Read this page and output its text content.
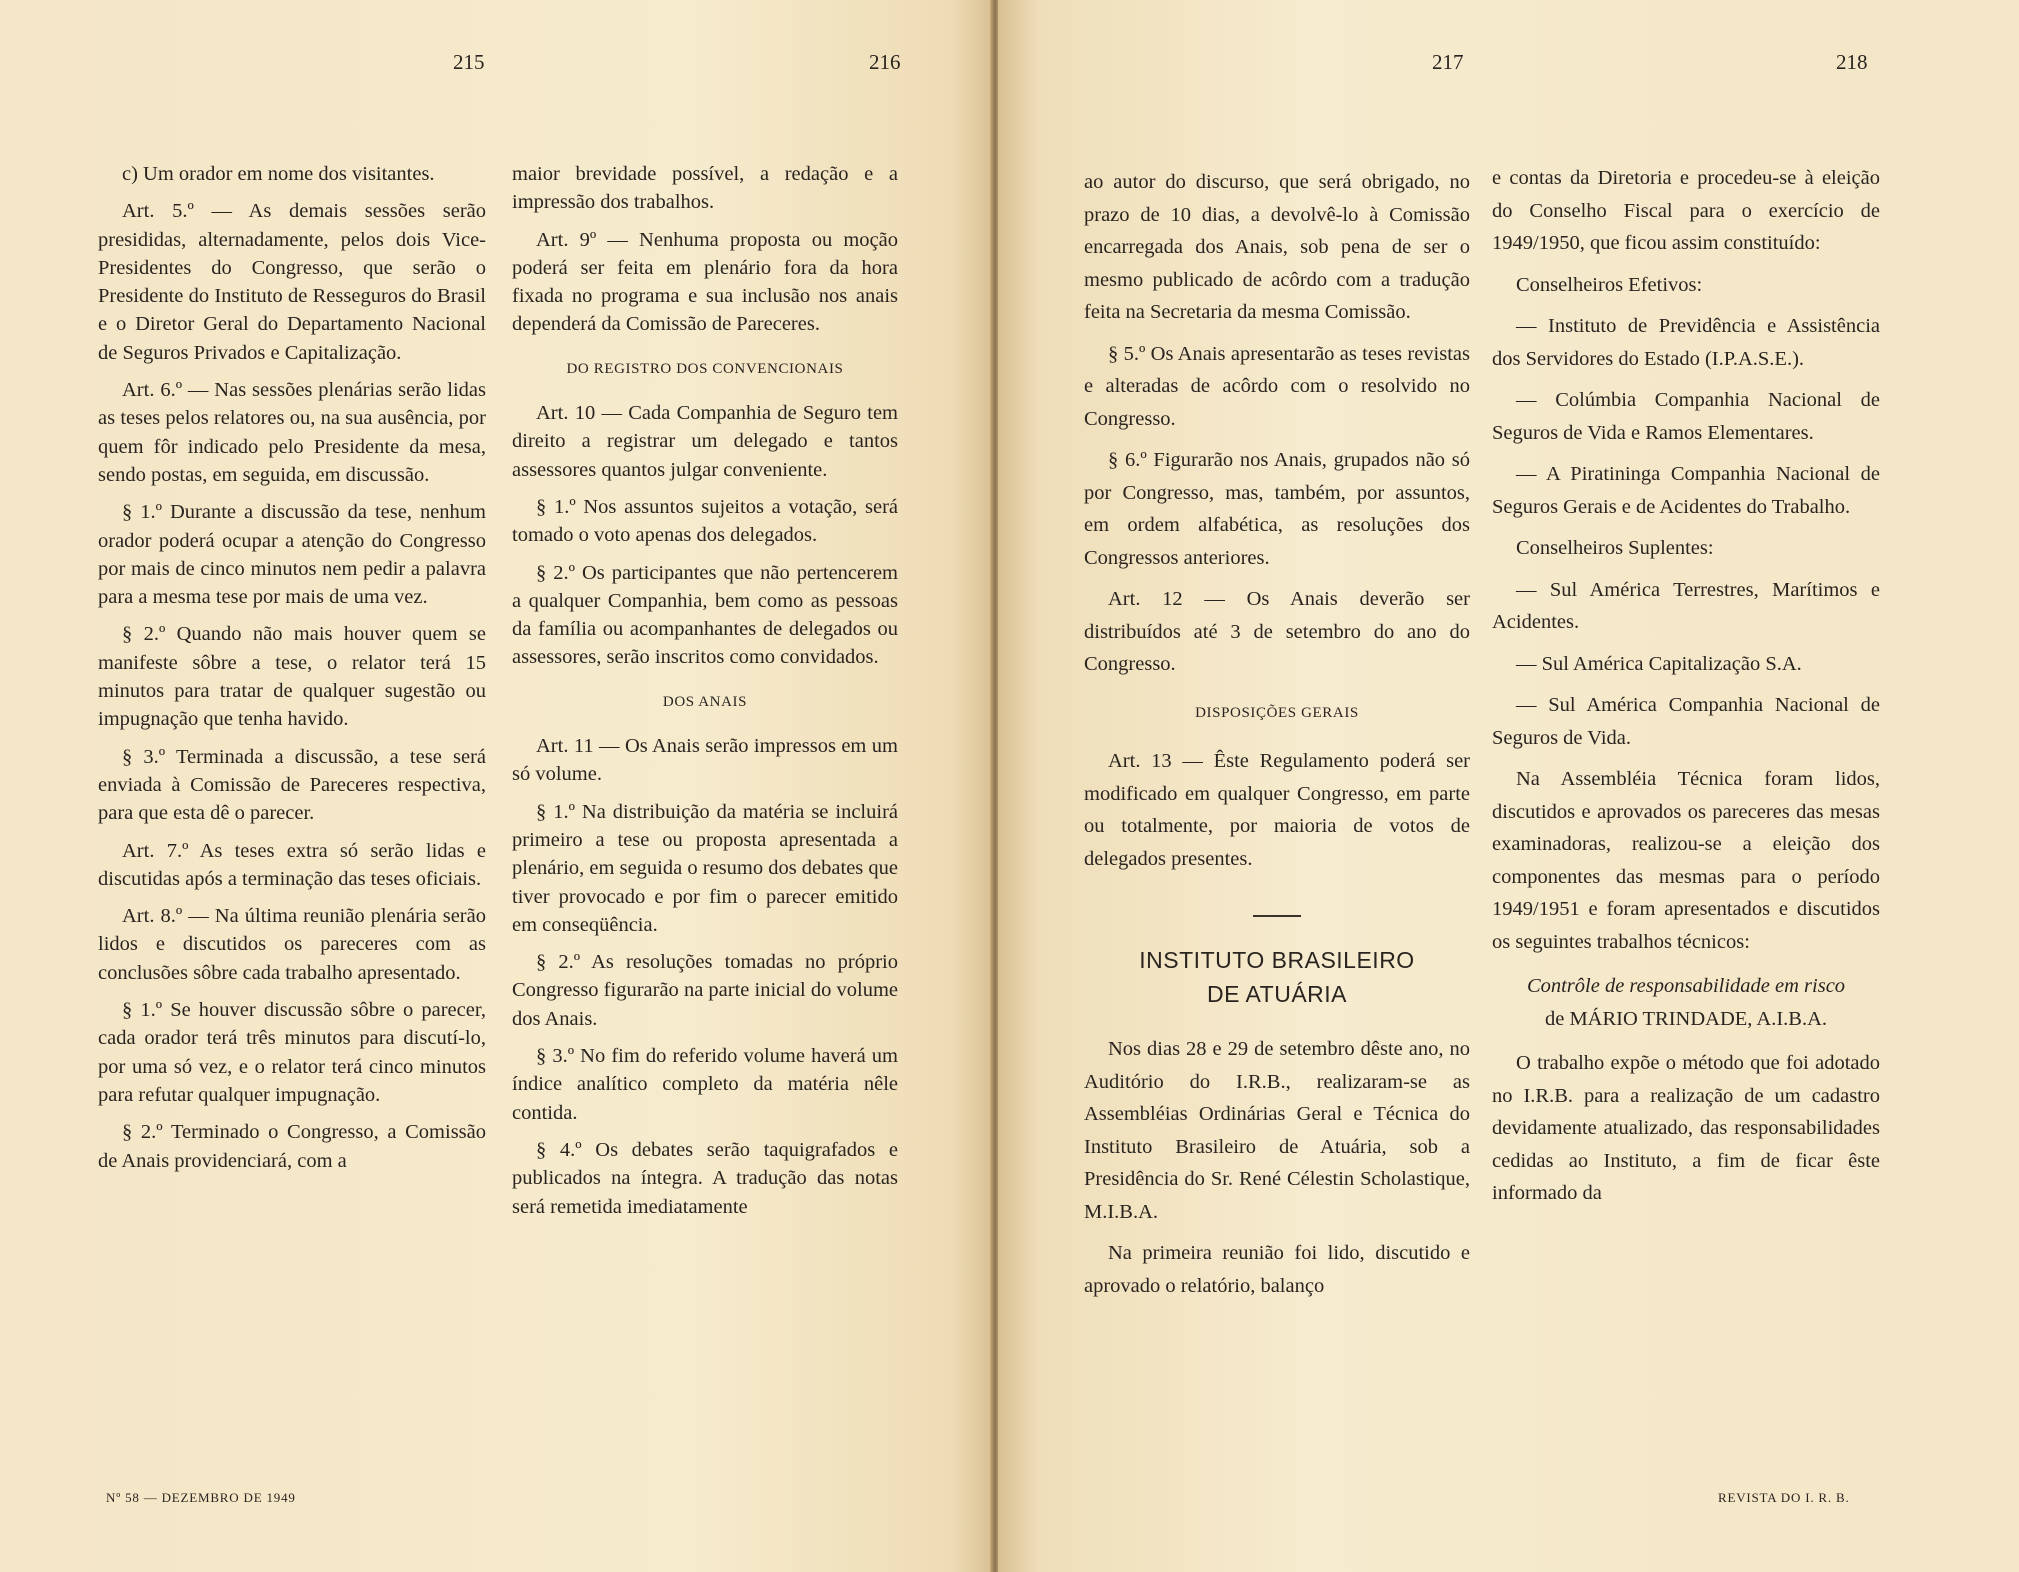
215	216

c) Um orador em nome dos visitantes.

Art. 5.º — As demais sessões serão presididas, alternadamente, pelos dois Vice-Presidentes do Congresso, que serão o Presidente do Instituto de Resseguros do Brasil e o Diretor Geral do Departamento Nacional de Seguros Privados e Capitalização.

Art. 6.º — Nas sessões plenárias serão lidas as teses pelos relatores ou, na sua ausência, por quem fôr indicado pelo Presidente da mesa, sendo postas, em seguida, em discussão.

§ 1.º Durante a discussão da tese, nenhum orador poderá ocupar a atenção do Congresso por mais de cinco minutos nem pedir a palavra para a mesma tese por mais de uma vez.

§ 2.º Quando não mais houver quem se manifeste sôbre a tese, o relator terá 15 minutos para tratar de qualquer sugestão ou impugnação que tenha havido.

§ 3.º Terminada a discussão, a tese será enviada à Comissão de Pareceres respectiva, para que esta dê o parecer.

Art. 7.º As teses extra só serão lidas e discutidas após a terminação das teses oficiais.

Art. 8.º — Na última reunião plenária serão lidos e discutidos os pareceres com as conclusões sôbre cada trabalho apresentado.

§ 1.º Se houver discussão sôbre o parecer, cada orador terá três minutos para discutí-lo, por uma só vez, e o relator terá cinco minutos para refutar qualquer impugnação.

§ 2.º Terminado o Congresso, a Comissão de Anais providenciará, com a

maior brevidade possível, a redação e a impressão dos trabalhos.

Art. 9º — Nenhuma proposta ou moção poderá ser feita em plenário fora da hora fixada no programa e sua inclusão nos anais dependerá da Comissão de Pareceres.

DO REGISTRO DOS CONVENCIONAIS

Art. 10 — Cada Companhia de Seguro tem direito a registrar um delegado e tantos assessores quantos julgar conveniente.

§ 1.º Nos assuntos sujeitos a votação, será tomado o voto apenas dos delegados.

§ 2.º Os participantes que não pertencerem a qualquer Companhia, bem como as pessoas da família ou acompanhantes de delegados ou assessores, serão inscritos como convidados.

DOS ANAIS

Art. 11 — Os Anais serão impressos em um só volume.

§ 1.º Na distribuição da matéria se incluirá primeiro a tese ou proposta apresentada a plenário, em seguida o resumo dos debates que tiver provocado e por fim o parecer emitido em conseqüência.

§ 2.º As resoluções tomadas no próprio Congresso figurarão na parte inicial do volume dos Anais.

§ 3.º No fim do referido volume haverá um índice analítico completo da matéria nêle contida.

§ 4.º Os debates serão taquigrafados e publicados na íntegra. A tradução das notas será remetida imediatamente

Nº 58 — DEZEMBRO DE 1949
217	218

ao autor do discurso, que será obrigado, no prazo de 10 dias, a devolvê-lo à Comissão encarregada dos Anais, sob pena de ser o mesmo publicado de acôrdo com a tradução feita na Secretaria da mesma Comissão.

§ 5.º Os Anais apresentarão as teses revistas e alteradas de acôrdo com o resolvido no Congresso.

§ 6.º Figurarão nos Anais, grupados não só por Congresso, mas, também, por assuntos, em ordem alfabética, as resoluções dos Congressos anteriores.

Art. 12 — Os Anais deverão ser distribuídos até 3 de setembro do ano do Congresso.

DISPOSIÇÕES GERAIS

Art. 13 — Êste Regulamento poderá ser modificado em qualquer Congresso, em parte ou totalmente, por maioria de votos de delegados presentes.

INSTITUTO BRASILEIRO
DE ATUÁRIA

Nos dias 28 e 29 de setembro dêste ano, no Auditório do I.R.B., realizaram-se as Assembléias Ordinárias Geral e Técnica do Instituto Brasileiro de Atuária, sob a Presidência do Sr. René Célestin Scholastique, M.I.B.A.

Na primeira reunião foi lido, discutido e aprovado o relatório, balanço

e contas da Diretoria e procedeu-se à eleição do Conselho Fiscal para o exercício de 1949/1950, que ficou assim constituído:

Conselheiros Efetivos:

— Instituto de Previdência e Assistência dos Servidores do Estado (I.P.A.S.E.).

— Colúmbia Companhia Nacional de Seguros de Vida e Ramos Elementares.

— A Piratininga Companhia Nacional de Seguros Gerais e de Acidentes do Trabalho.

Conselheiros Suplentes:

— Sul América Terrestres, Marítimos e Acidentes.

— Sul América Capitalização S.A.

— Sul América Companhia Nacional de Seguros de Vida.

Na Assembléia Técnica foram lidos, discutidos e aprovados os pareceres das mesas examinadoras, realizou-se a eleição dos componentes das mesmas para o período 1949/1951 e foram apresentados e discutidos os seguintes trabalhos técnicos:

Contrôle de responsabilidade em risco
de MÁRIO TRINDADE, A.I.B.A.

O trabalho expõe o método que foi adotado no I.R.B. para a realização de um cadastro devidamente atualizado, das responsabilidades cedidas ao Instituto, a fim de ficar êste informado da

REVISTA DO I. R. B.
